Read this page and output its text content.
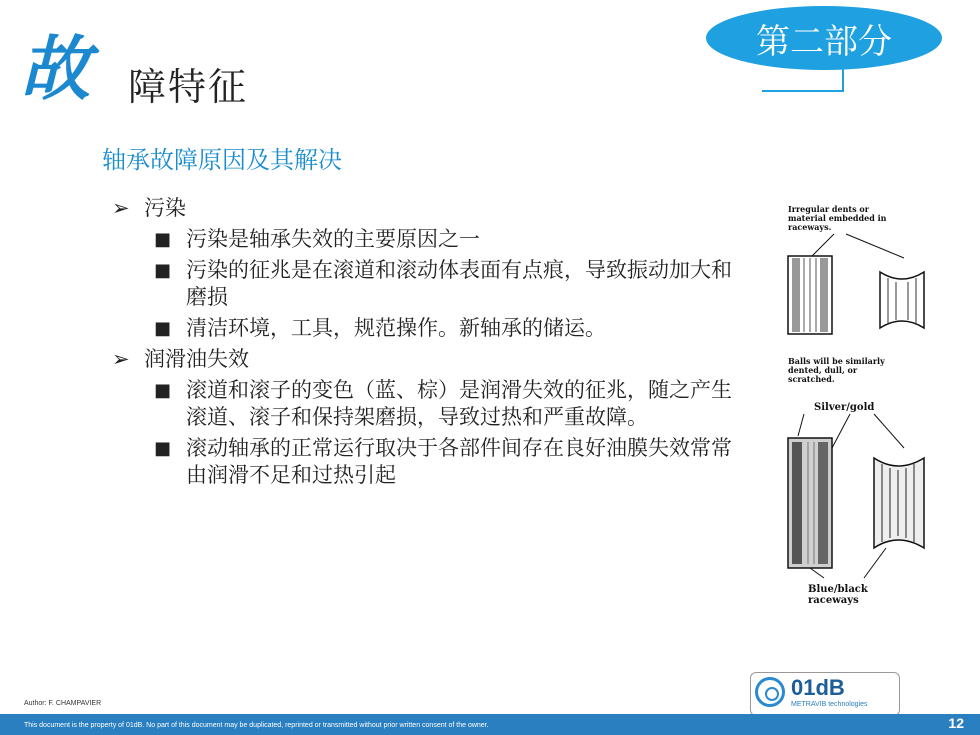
第二部分
故 障特征
轴承故障原因及其解决
➢ 污染
■ 污染是轴承失效的主要原因之一
■ 污染的征兆是在滚道和滚动体表面有点痕，导致振动加大和磨损
■ 清洁环境，工具，规范操作。新轴承的储运。
➢ 润滑油失效
■ 滚道和滚子的变色（蓝、棕）是润滑失效的征兆，随之产生滚道、滚子和保持架磨损，导致过热和严重故障。
■ 滚动轴承的正常运行取决于各部件间存在良好油膜失效常常由润滑不足和过热引起
Irregular dents or material embedded in raceways.
Balls will be similarly dented, dull, or scratched.
Silver/gold
Blue/black raceways
01dB
METRAVIB technologies
Author: F. CHAMPAVIER
This document is the property of 01dB. No part of this document may be duplicated, reprinted or transmitted without prior written consent of the owner.	12
